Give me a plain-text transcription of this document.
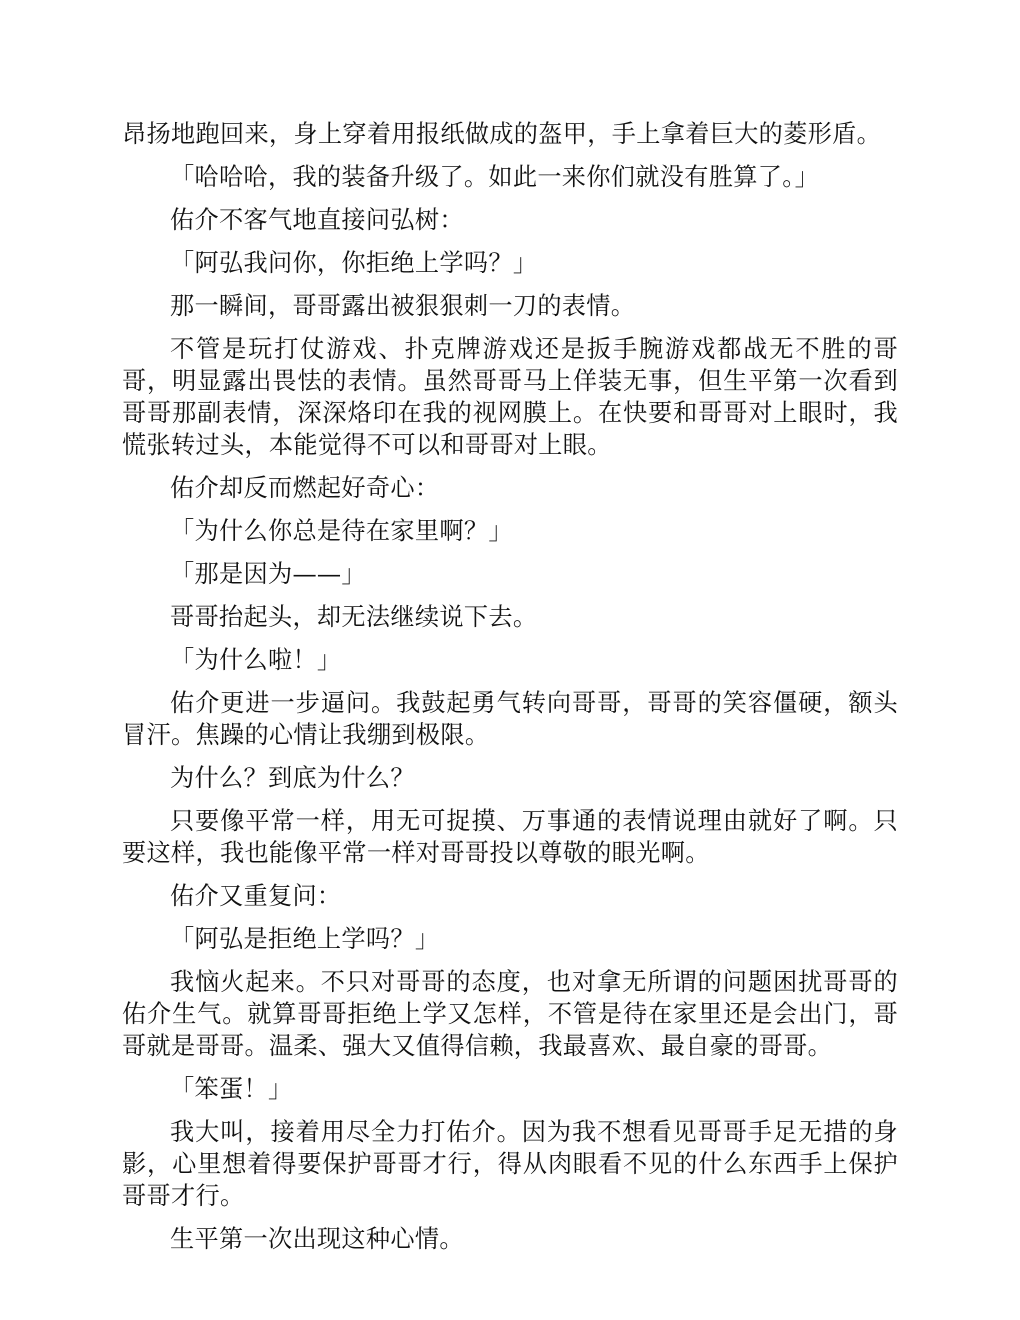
昂扬地跑回来，身上穿着用报纸做成的盔甲，手上拿着巨大的菱形盾。

「哈哈哈，我的装备升级了。如此一来你们就没有胜算了。」

佑介不客气地直接问弘树：

「阿弘我问你，你拒绝上学吗？」

那一瞬间，哥哥露出被狠狠刺一刀的表情。

不管是玩打仗游戏、扑克牌游戏还是扳手腕游戏都战无不胜的哥哥，明显露出畏怯的表情。虽然哥哥马上佯装无事，但生平第一次看到哥哥那副表情，深深烙印在我的视网膜上。在快要和哥哥对上眼时，我慌张转过头，本能觉得不可以和哥哥对上眼。

佑介却反而燃起好奇心：

「为什么你总是待在家里啊？」

「那是因为——」

哥哥抬起头，却无法继续说下去。

「为什么啦！」

佑介更进一步逼问。我鼓起勇气转向哥哥，哥哥的笑容僵硬，额头冒汗。焦躁的心情让我绷到极限。

为什么？到底为什么？

只要像平常一样，用无可捉摸、万事通的表情说理由就好了啊。只要这样，我也能像平常一样对哥哥投以尊敬的眼光啊。

佑介又重复问：

「阿弘是拒绝上学吗？」

我恼火起来。不只对哥哥的态度，也对拿无所谓的问题困扰哥哥的佑介生气。就算哥哥拒绝上学又怎样，不管是待在家里还是会出门，哥哥就是哥哥。温柔、强大又值得信赖，我最喜欢、最自豪的哥哥。

「笨蛋！」

我大叫，接着用尽全力打佑介。因为我不想看见哥哥手足无措的身影，心里想着得要保护哥哥才行，得从肉眼看不见的什么东西手上保护哥哥才行。

生平第一次出现这种心情。
